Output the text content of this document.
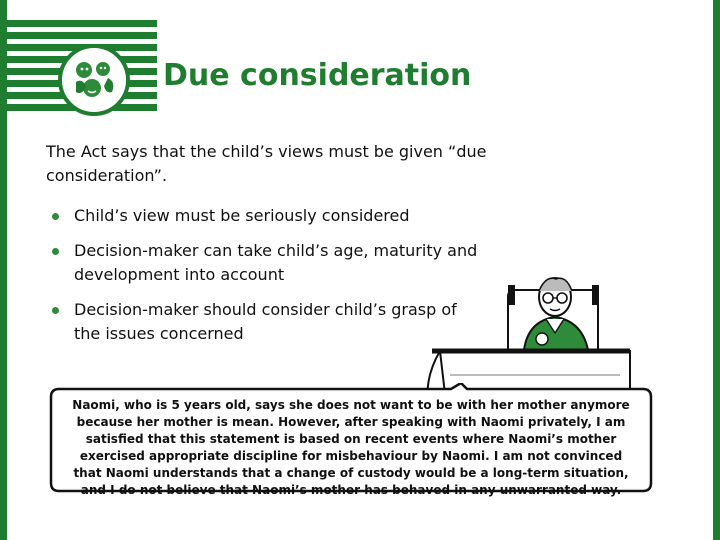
Due consideration
The Act says that the child’s views must be given “due consideration”.
Child’s view must be seriously considered
Decision-maker can take child’s age, maturity and development into account
Decision-maker should consider child’s grasp of the issues concerned
Naomi, who is 5 years old, says she does not want to be with her mother anymore because her mother is mean. However, after speaking with Naomi privately, I am satisfied that this statement is based on recent events where Naomi’s mother exercised appropriate discipline for misbehaviour by Naomi. I am not convinced that Naomi understands that a change of custody would be a long-term situation, and I do not believe that Naomi’s mother has behaved in any unwarranted way.
